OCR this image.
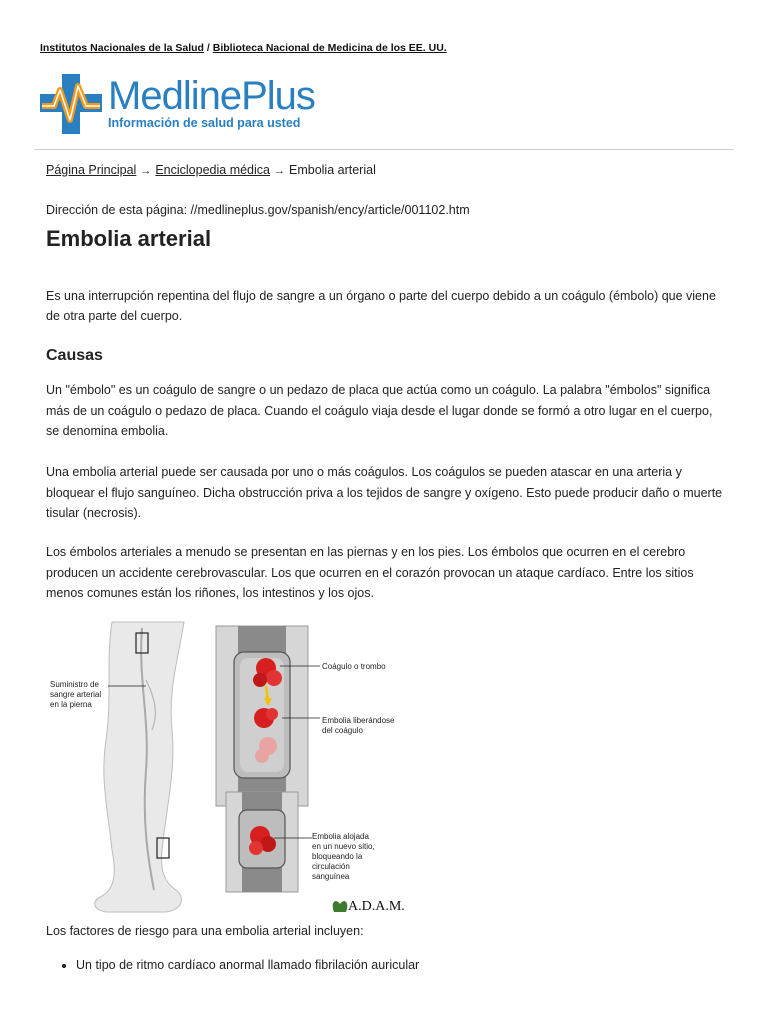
Institutos Nacionales de la Salud / Biblioteca Nacional de Medicina de los EE. UU.
MedlinePlus
Información de salud para usted
Página Principal → Enciclopedia médica → Embolia arterial
Dirección de esta página: //medlineplus.gov/spanish/ency/article/001102.htm
Embolia arterial

Es una interrupción repentina del flujo de sangre a un órgano o parte del cuerpo debido a un coágulo (émbolo) que viene de otra parte del cuerpo.

Causas

Un "émbolo" es un coágulo de sangre o un pedazo de placa que actúa como un coágulo. La palabra "émbolos" significa más de un coágulo o pedazo de placa. Cuando el coágulo viaja desde el lugar donde se formó a otro lugar en el cuerpo, se denomina embolia.

Una embolia arterial puede ser causada por uno o más coágulos. Los coágulos se pueden atascar en una arteria y bloquear el flujo sanguíneo. Dicha obstrucción priva a los tejidos de sangre y oxígeno. Esto puede producir daño o muerte tisular (necrosis).

Los émbolos arteriales a menudo se presentan en las piernas y en los pies. Los émbolos que ocurren en el cerebro producen un accidente cerebrovascular. Los que ocurren en el corazón provocan un ataque cardíaco. Entre los sitios menos comunes están los riñones, los intestinos y los ojos.

Suministro de
sangre arterial
en la pierna
Coágulo o trombo
Embolia liberándose
del coágulo
Embolia alojada
en un nuevo sitio,
bloqueando la
circulación
sanguínea
A.D.A.M.
Los factores de riesgo para una embolia arterial incluyen:
• Un tipo de ritmo cardíaco anormal llamado fibrilación auricular
